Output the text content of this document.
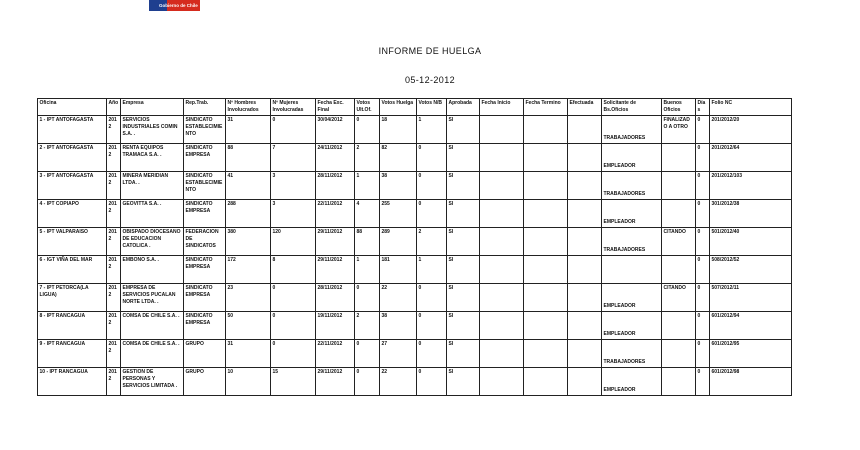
Gobierno de Chile
INFORME DE HUELGA
05-12-2012
Oficina	Año	Empresa	Rep.Trab.	Nº Hombres Involucrados	Nº Mujeres Involucradas	Fecha Exc. Final	Votos Ult.Of.	Votos Huelga	Votos N/B	Aprobada	Fecha Inicio	Fecha Termino	Efectuada	Solicitante de Bs.Oficios	Buenos Oficios	Días	Folio NC
1 - IPT ANTOFAGASTA	2012	SERVICIOS INDUSTRIALES COMIN S.A. .	SINDICATO ESTABLECIMIENTO	31	0	30/04/2012	0	18	1	SI				TRABAJADORES	FINALIZADO A OTRO	0	201/2012/20
2 - IPT ANTOFAGASTA	2012	RENTA EQUIPOS TRAMACA S.A. .	SINDICATO EMPRESA	88	7	24/11/2012	2	82	0	SI				EMPLEADOR		0	201/2012/64
3 - IPT ANTOFAGASTA	2012	MINERA MERIDIAN LTDA. .	SINDICATO ESTABLECIMIENTO	41	3	28/11/2012	1	38	0	SI				TRABAJADORES		0	201/2012/103
4 - IPT COPIAPO	2012	GEOVITTA S.A. .	SINDICATO EMPRESA	288	3	22/11/2012	4	255	0	SI				EMPLEADOR		0	301/2012/38
5 - IPT VALPARAISO	2012	OBISPADO DIOCESANO DE EDUCACION CATOLICA .	FEDERACION DE SINDICATOS	380	120	29/11/2012	88	289	2	SI				TRABAJADORES	CITANDO	0	501/2012/40
6 - IGT VIÑA DEL MAR	2012	EMBONO S.A. .	SINDICATO EMPRESA	172	8	29/11/2012	1	181	1	SI						0	508/2012/52
7 - IPT PETORCA(LA LIGUA)	2012	EMPRESA DE SERVICIOS PUCALAN NORTE LTDA. .	SINDICATO EMPRESA	23	0	28/11/2012	0	22	0	SI				EMPLEADOR	CITANDO	0	507/2012/11
8 - IPT RANCAGUA	2012	COMSA DE CHILE S.A. .	SINDICATO EMPRESA	50	0	19/11/2012	2	38	0	SI				EMPLEADOR		0	601/2012/94
9 - IPT RANCAGUA	2012	COMSA DE CHILE S.A. .	GRUPO	31	0	22/11/2012	0	27	0	SI				TRABAJADORES		0	601/2012/95
10 - IPT RANCAGUA	2012	GESTION DE PERSONAS Y SERVICIOS LIMITADA .	GRUPO	10	15	29/11/2012	0	22	0	SI				EMPLEADOR		0	601/2012/98
